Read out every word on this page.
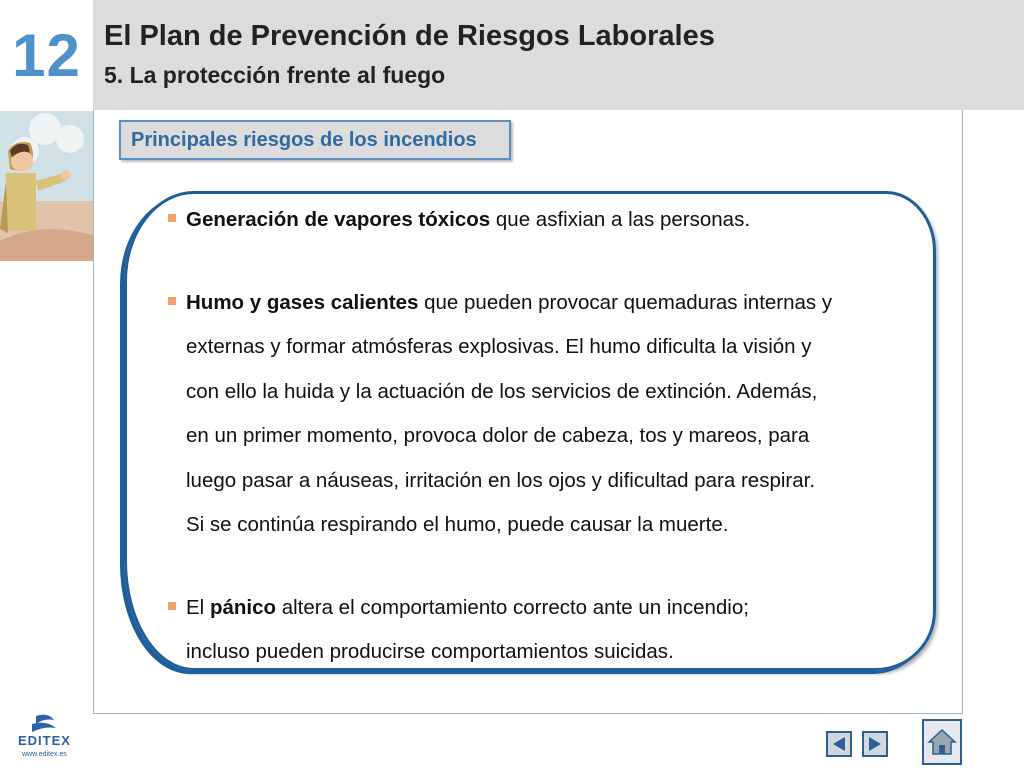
12 El Plan de Prevención de Riesgos Laborales
5. La protección frente al fuego
Principales riesgos de los incendios
Generación de vapores tóxicos que asfixian a las personas.
Humo y gases calientes que pueden provocar quemaduras internas y
externas y formar atmósferas explosivas. El humo dificulta la visión y
con ello la huida y la actuación de los servicios de extinción. Además,
en un primer momento, provoca dolor de cabeza, tos y mareos, para
luego pasar a náuseas, irritación en los ojos y dificultad para respirar.
Si se continúa respirando el humo, puede causar la muerte.
El pánico altera el comportamiento correcto ante un incendio;
incluso pueden producirse comportamientos suicidas.
EDITEX
www.editex.es
